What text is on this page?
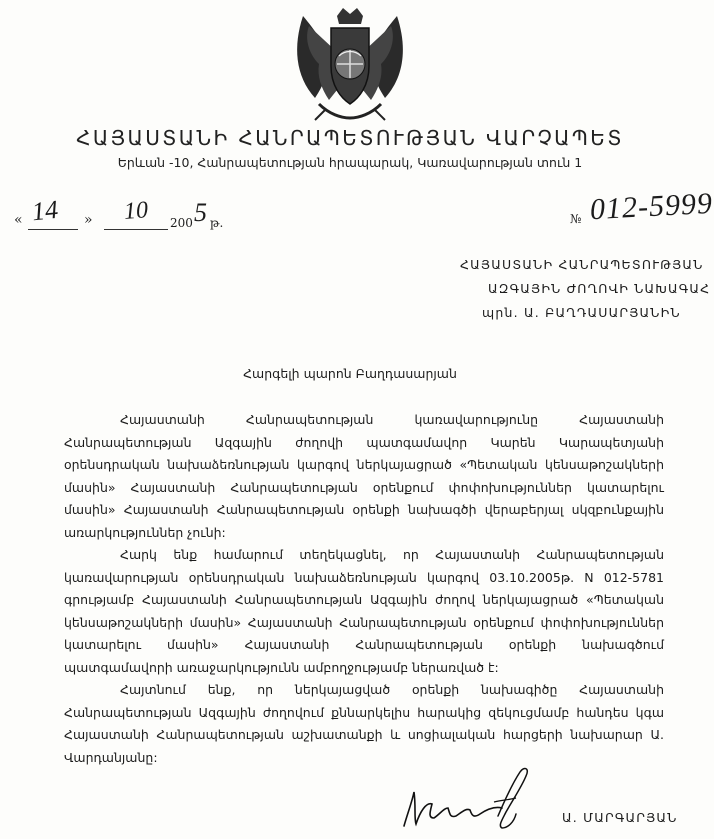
ՀԱՅԱՍՏԱՆԻ ՀԱՆՐԱՊԵՏՈՒԹՅԱՆ ՎԱՐՉԱՊԵՏ
Երևան -10, Հանրապետության հրապարակ, Կառավարության տուն 1
« 14 » 10 200 5 թ.	№ 012-5999
ՀԱՅԱՍՏԱՆԻ ՀԱՆՐԱՊԵՏՈՒԹՅԱՆ
ԱԶԳԱՅԻՆ ԺՈՂՈՎԻ ՆԱԽԱԳԱՀ
պրն. Ա. ԲԱՂԴԱՍԱՐՅԱՆԻՆ
Հարգելի պարոն Բաղդասարյան

Հայաստանի Հանրապետության կառավարությունը Հայաստանի Հանրապետության Ազգային ժողովի պատգամավոր Կարեն Կարապետյանի օրենսդրական նախաձեռնության կարգով ներկայացրած «Պետական կենսաթոշակների մասին» Հայաստանի Հանրապետության օրենքում փոփոխություններ կատարելու մասին» Հայաստանի Հանրապետության օրենքի նախագծի վերաբերյալ սկզբունքային առարկություններ չունի:

Հարկ ենք համարում տեղեկացնել, որ Հայաստանի Հանրապետության կառավարության օրենսդրական նախաձեռնության կարգով 03.10.2005թ. N 012-5781 գրությամբ Հայաստանի Հանրապետության Ազգային ժողով ներկայացրած «Պետական կենսաթոշակների մասին» Հայաստանի Հանրապետության օրենքում փոփոխություններ կատարելու մասին» Հայաստանի Հանրապետության օրենքի նախագծում պատգամավորի առաջարկությունն ամբողջությամբ ներառված է:

Հայտնում ենք, որ ներկայացված օրենքի նախագիծը Հայաստանի Հանրապետության Ազգային ժողովում քննարկելիս հարակից զեկուցմամբ հանդես կգա Հայաստանի Հանրապետության աշխատանքի և սոցիալական հարցերի նախարար Ա. Վարդանյանը:

Ա. ՄԱՐԳԱՐՅԱՆ
